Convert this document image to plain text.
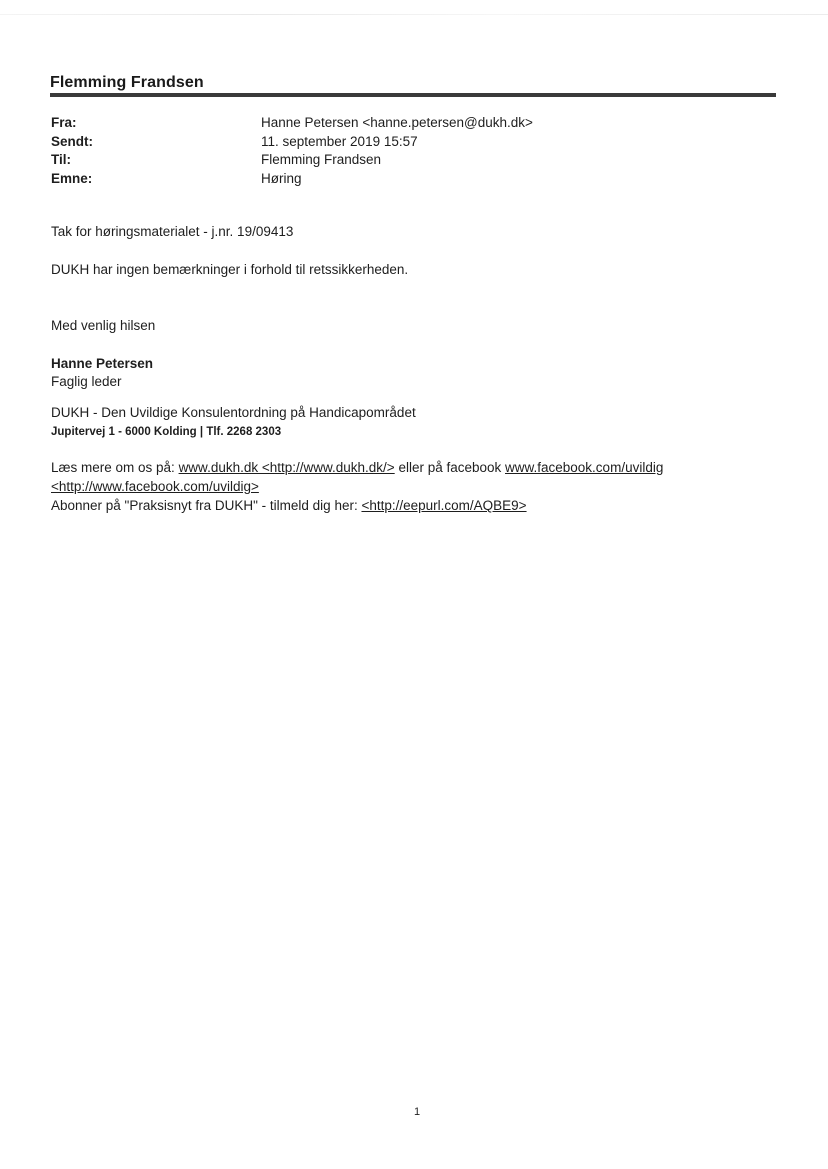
Flemming Frandsen
Fra:	Hanne Petersen <hanne.petersen@dukh.dk>
Sendt:	11. september 2019 15:57
Til:	Flemming Frandsen
Emne:	Høring
Tak for høringsmaterialet - j.nr. 19/09413
DUKH har ingen bemærkninger i forhold til retssikkerheden.
Med venlig hilsen
Hanne Petersen
Faglig leder
DUKH - Den Uvildige Konsulentordning på Handicapområdet
Jupitervej 1 - 6000 Kolding | Tlf. 2268 2303
Læs mere om os på: www.dukh.dk <http://www.dukh.dk/> eller på facebook www.facebook.com/uvildig
<http://www.facebook.com/uvildig>
Abonner på "Praksisnyt fra DUKH" - tilmeld dig her: <http://eepurl.com/AQBE9>
1
